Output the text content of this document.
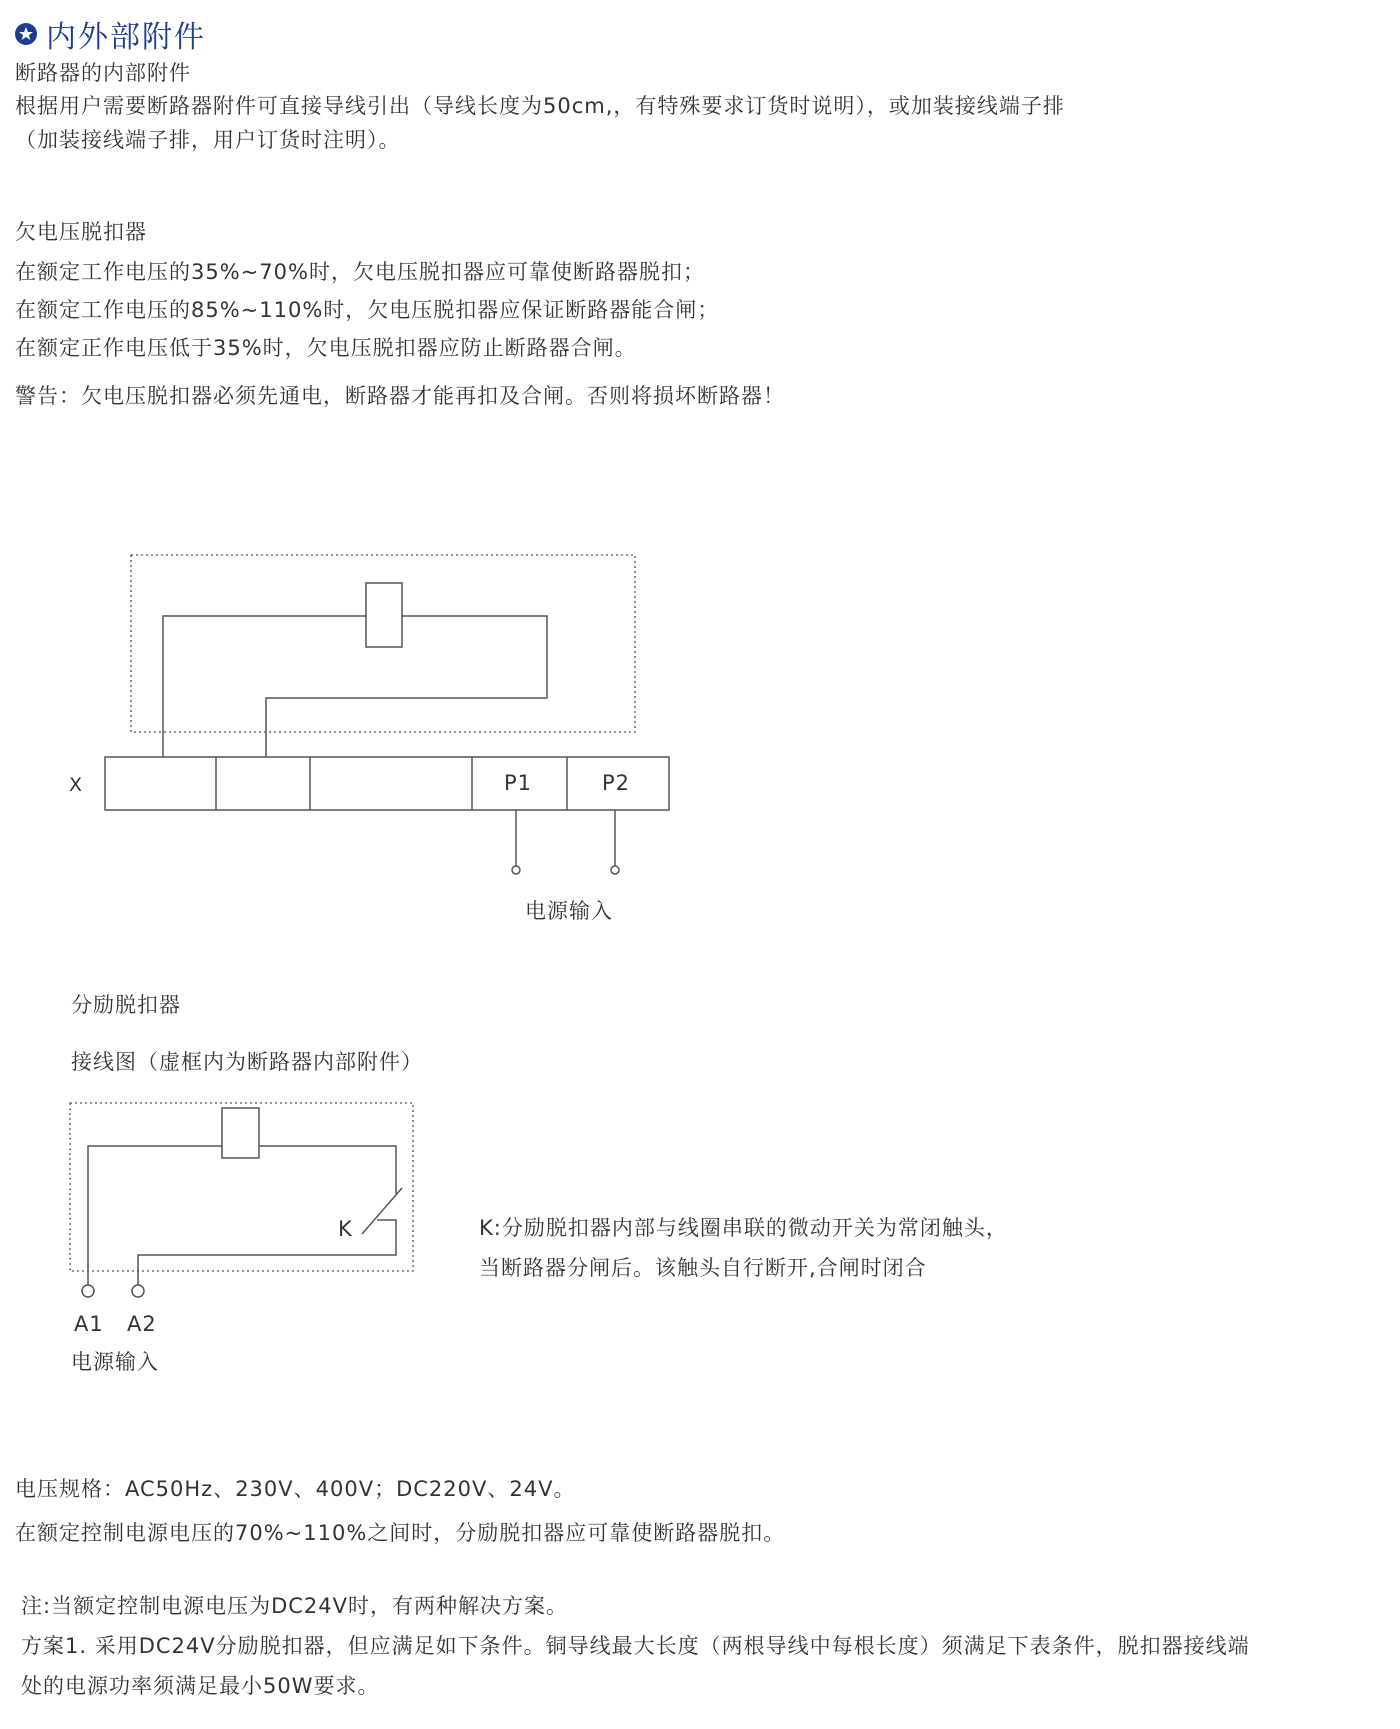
内外部附件
断路器的内部附件
根据用户需要断路器附件可直接导线引出（导线长度为50cm,，有特殊要求订货时说明），或加装接线端子排
（加装接线端子排，用户订货时注明）。
欠电压脱扣器
在额定工作电压的35%~70%时，欠电压脱扣器应可靠使断路器脱扣；
在额定工作电压的85%~110%时，欠电压脱扣器应保证断路器能合闸；
在额定正作电压低于35%时，欠电压脱扣器应防止断路器合闸。
警告：欠电压脱扣器必须先通电，断路器才能再扣及合闸。否则将损坏断路器！
X	P1	P2
电源输入
分励脱扣器
接线图（虚框内为断路器内部附件）
K
A1 A2
电源输入
K:分励脱扣器内部与线圈串联的微动开关为常闭触头，
当断路器分闸后。该触头自行断开,合闸时闭合
电压规格：AC50Hz、230V、400V；DC220V、24V。
在额定控制电源电压的70%~110%之间时，分励脱扣器应可靠使断路器脱扣。
注:当额定控制电源电压为DC24V时，有两种解决方案。
方案1. 采用DC24V分励脱扣器，但应满足如下条件。铜导线最大长度（两根导线中每根长度）须满足下表条件，脱扣器接线端
处的电源功率须满足最小50W要求。
